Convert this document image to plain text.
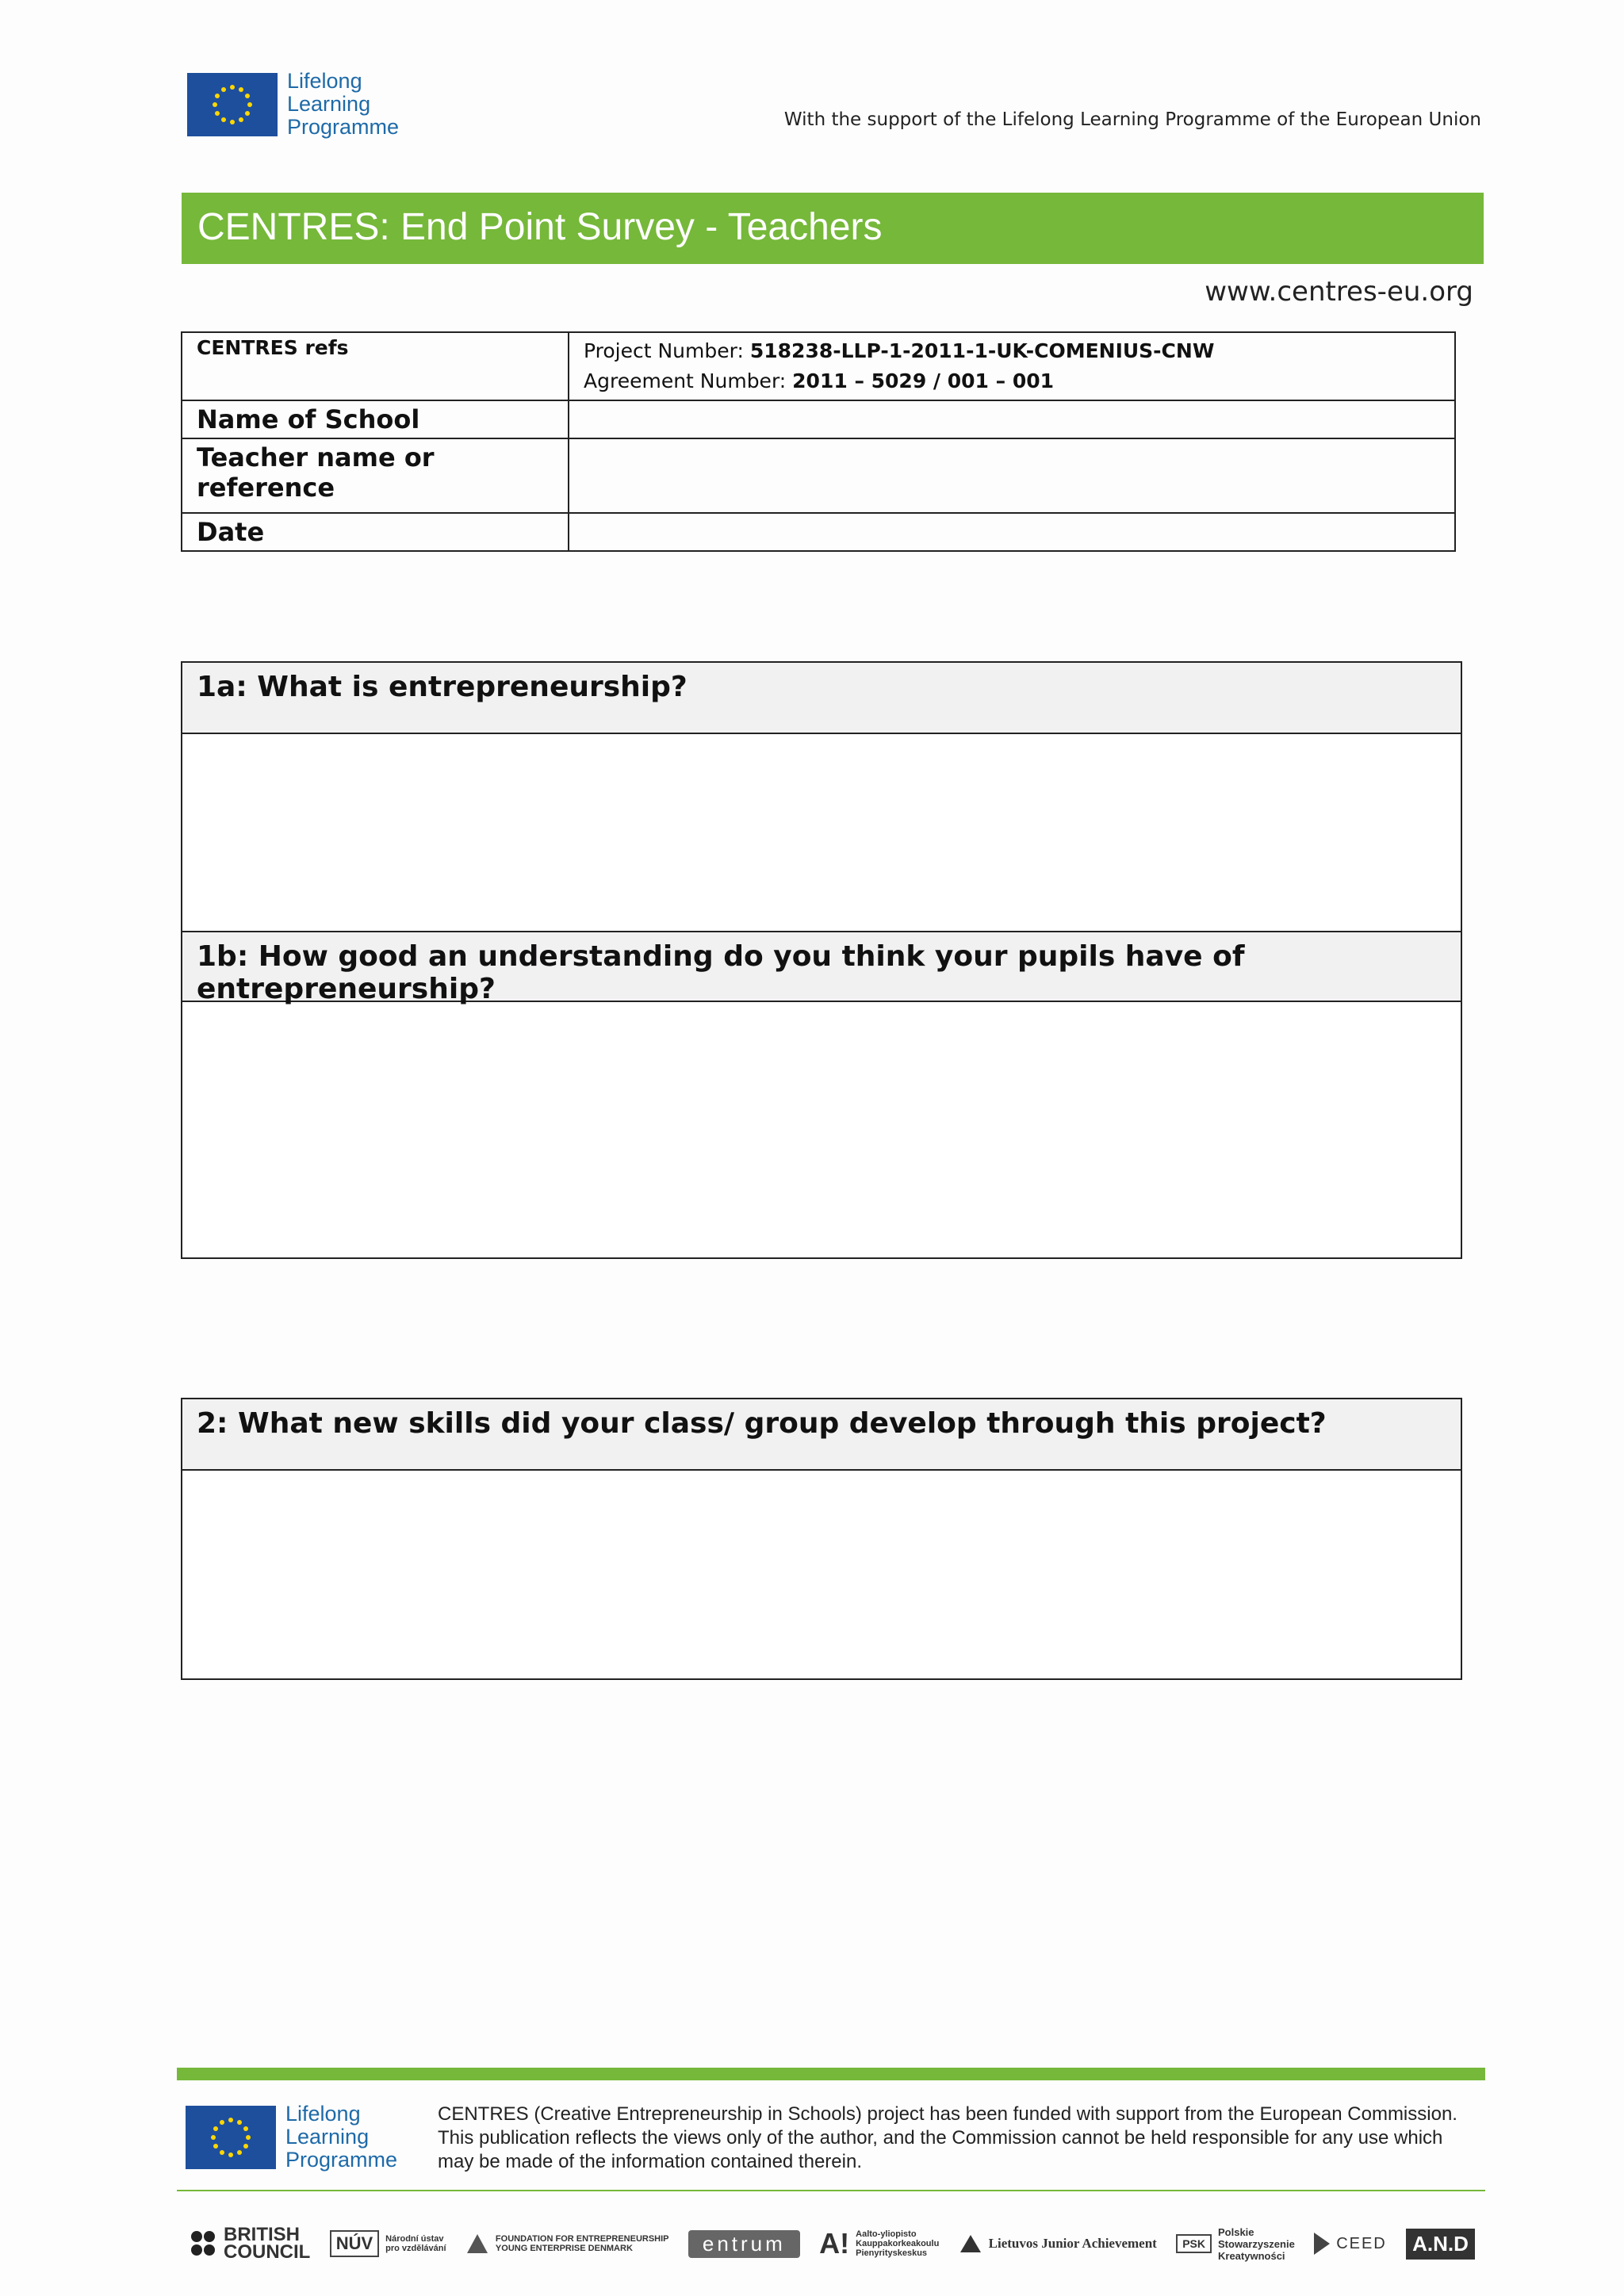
Lifelong
Learning
Programme	With the support of the Lifelong Learning Programme of the European Union
CENTRES: End Point Survey - Teachers
www.centres-eu.org
CENTRES refs	Project Number: 518238-LLP-1-2011-1-UK-COMENIUS-CNW
Agreement Number: 2011 – 5029 / 001 – 001

Name of School	
Teacher name or reference	
Date	
1a: What is entrepreneurship?
1b: How good an understanding do you think your pupils have of entrepreneurship?
2: What new skills did your class/ group develop through this project?
Lifelong
Learning
Programme
CENTRES (Creative Entrepreneurship in Schools) project has been funded with support from the European Commission.
This publication reflects the views only of the author, and the Commission cannot be held responsible for any use which
may be made of the information contained therein.
BRITISH
COUNCIL	NÚV	Národní ústav
pro vzdělávání
FOUNDATION FOR ENTREPRENEURSHIP
YOUNG ENTERPRISE DENMARK	entrum	A! Aalto-yliopisto
Kauppakorkeakoulu
Pienyrityskeskus
Lietuvos Junior Achievement	PSK
Polskie
Stowarzyszenie
Kreatywności
CEED	A.N.D
